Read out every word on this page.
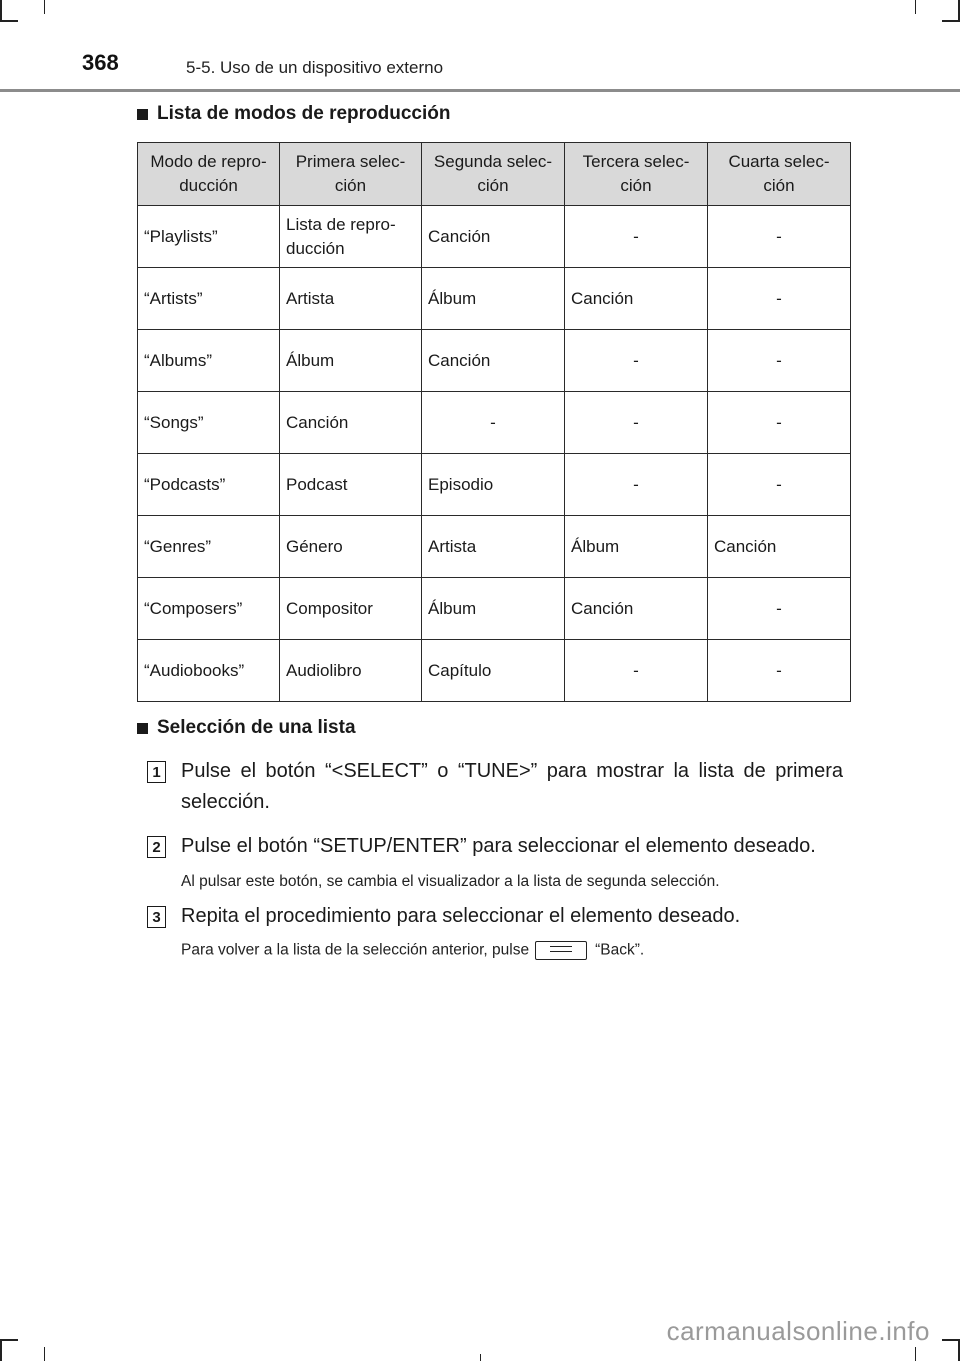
368	5-5. Uso de un dispositivo externo
Lista de modos de reproducción
Modo de repro-
ducción	Primera selec-
ción	Segunda selec-
ción	Tercera selec-
ción	Cuarta selec-
ción
“Playlists”	Lista de repro-
ducción	Canción	-	-
“Artists”	Artista	Álbum	Canción	-
“Albums”	Álbum	Canción	-	-
“Songs”	Canción	-	-	-
“Podcasts”	Podcast	Episodio	-	-
“Genres”	Género	Artista	Álbum	Canción
“Composers”	Compositor	Álbum	Canción	-
“Audiobooks”	Audiolibro	Capítulo	-	-
Selección de una lista
1 Pulse el botón “<SELECT” o “TUNE>” para mostrar la lista de primera selección.
2 Pulse el botón “SETUP/ENTER” para seleccionar el elemento deseado.
Al pulsar este botón, se cambia el visualizador a la lista de segunda selección.
3 Repita el procedimiento para seleccionar el elemento deseado.
Para volver a la lista de la selección anterior, pulse	“Back”.
carmanualsonline.info
